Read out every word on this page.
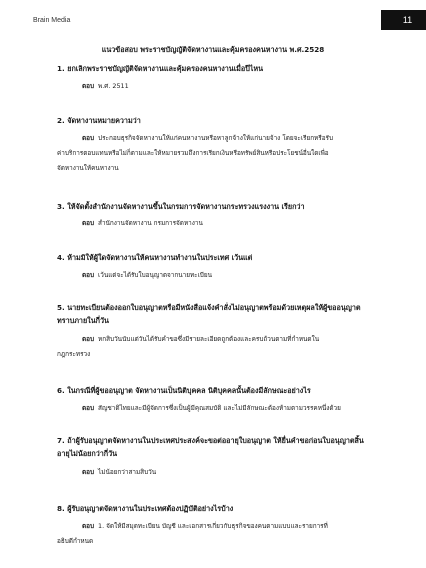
Brain Media	11
แนวข้อสอบ พระราชบัญญัติจัดหางานและคุ้มครองคนหางาน พ.ศ.2528
1. ยกเลิกพระราชบัญญัติจัดหางานและคุ้มครองคนหางานเมื่อปีไหน
ตอบ พ.ศ. 2511
2. จัดหางานหมายความว่า
ตอบ ประกอบธุรกิจจัดหางานให้แก่คนหางานหรือหาลูกจ้างให้แก่นายจ้าง โดยจะเรียกหรือรับ
ค่าบริการตอบแทนหรือไม่ก็ตามและให้หมายรวมถึงการเรียกเงินหรือทรัพย์สินหรือประโยชน์อื่นใดเพื่อ
จัดหางานให้คนหางาน
3. ให้จัดตั้งสำนักงานจัดหางานขึ้นในกรมการจัดหางานกระทรวงแรงงาน เรียกว่า
ตอบ สำนักงานจัดหางาน กรมการจัดหางาน
4. ห้ามมิให้ผู้ใดจัดหางานให้คนหางานทำงานในประเทศ เว้นแต่
ตอบ เว้นแต่จะได้รับใบอนุญาตจากนายทะเบียน
5. นายทะเบียนต้องออกใบอนุญาตหรือมีหนังสือแจ้งคำสั่งไม่อนุญาตพร้อมด้วยเหตุผลให้ผู้ขออนุญาต
ทราบภายในกี่วัน
ตอบ หกสิบวันนับแต่วันได้รับคำขอซึ่งมีรายละเอียดถูกต้องและครบถ้วนตามที่กำหนดใน
กฎกระทรวง
6. ในกรณีที่ผู้ขออนุญาต จัดหางานเป็นนิติบุคคล นิติบุคคลนั้นต้องมีลักษณะอย่างไร
ตอบ สัญชาติไทยและมีผู้จัดการซึ่งเป็นผู้มีคุณสมบัติ และไม่มีลักษณะต้องห้ามตามวรรคหนึ่งด้วย
7. ถ้าผู้รับอนุญาตจัดหางานในประเทศประสงค์จะขอต่ออายุใบอนุญาต ให้ยื่นคำขอก่อนใบอนุญาตสิ้น
อายุไม่น้อยกว่ากี่วัน
ตอบ ไม่น้อยกว่าสามสิบวัน
8. ผู้รับอนุญาตจัดหางานในประเทศต้องปฏิบัติอย่างไรบ้าง
ตอบ 1. จัดให้มีสมุดทะเบียน บัญชี และเอกสารเกี่ยวกับธุรกิจของคนตามแบบและรายการที่
อธิบดีกำหนด
